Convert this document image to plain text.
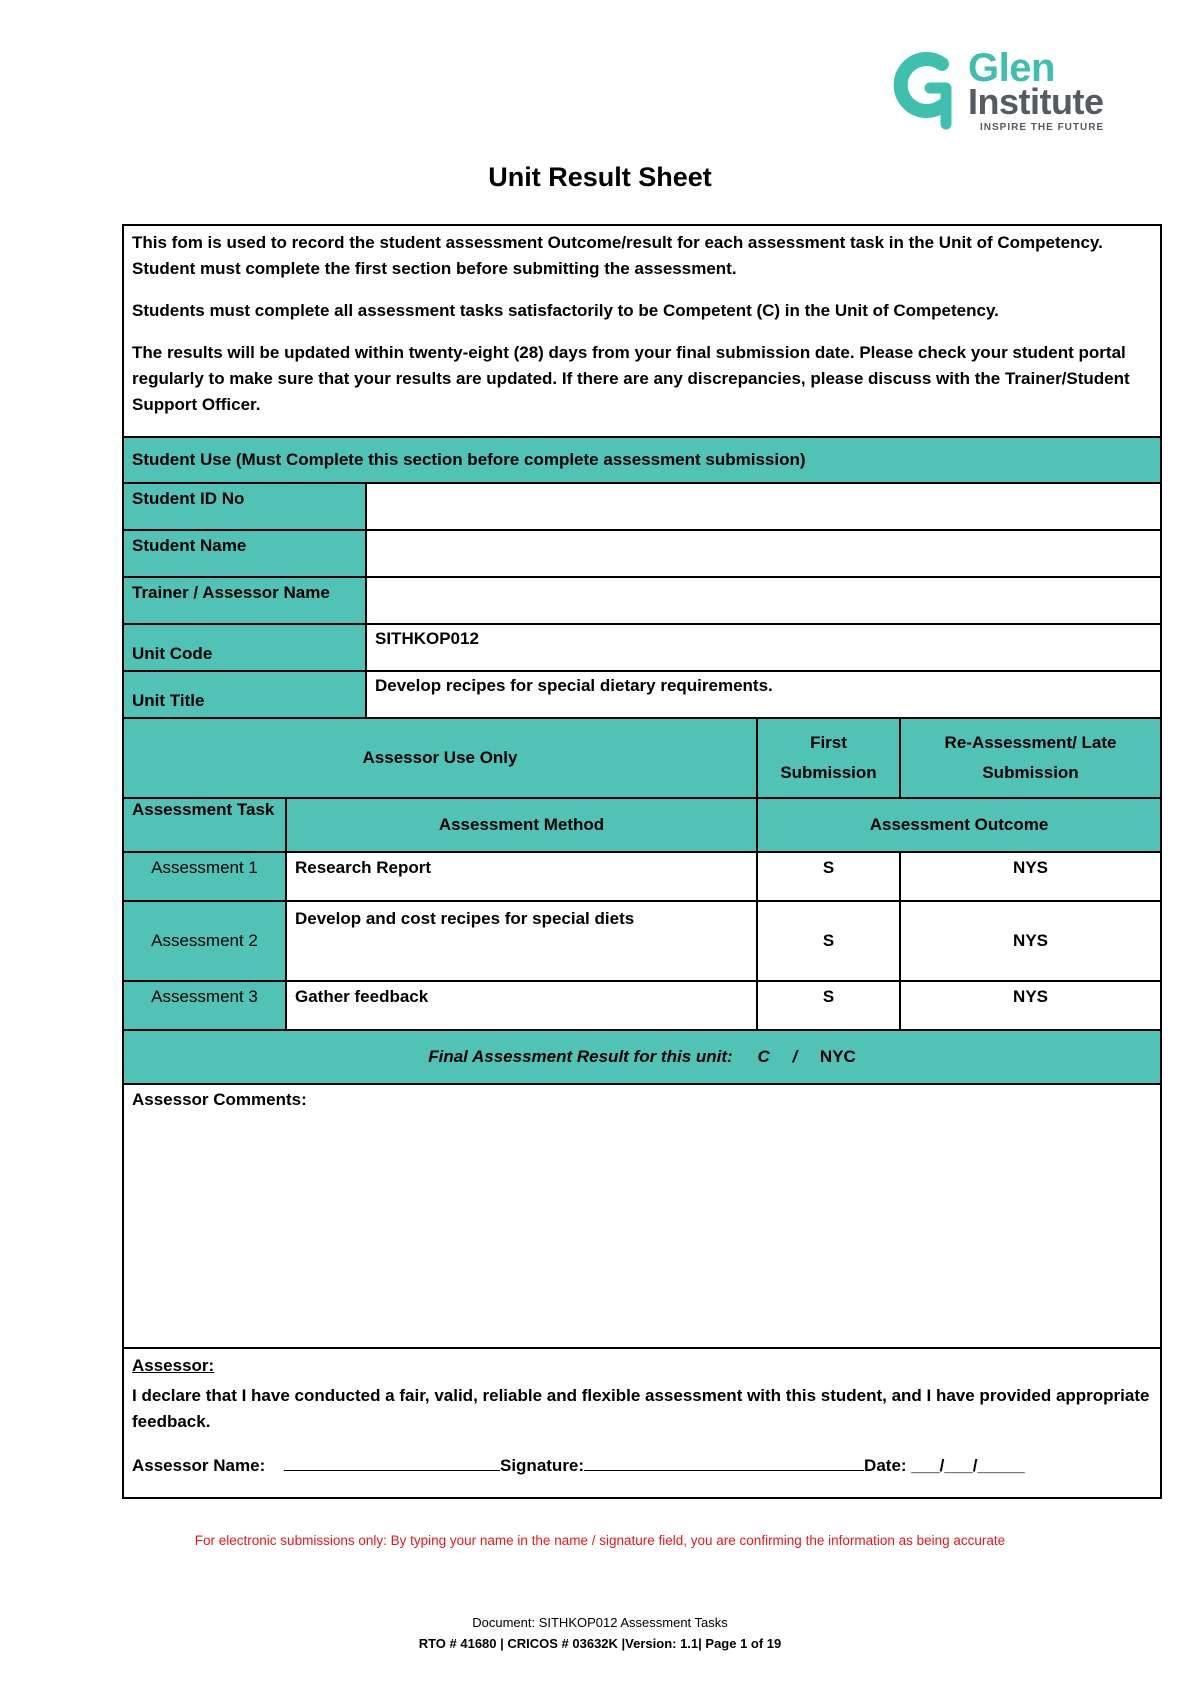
Glen
Institute
INSPIRE THE FUTURE
Unit Result Sheet

This fom is used to record the student assessment Outcome/result for each assessment task in the Unit of Competency. Student must complete the first section before submitting the assessment.

Students must complete all assessment tasks satisfactorily to be Competent (C) in the Unit of Competency.

The results will be updated within twenty-eight (28) days from your final submission date. Please check your student portal regularly to make sure that your results are updated. If there are any discrepancies, please discuss with the Trainer/Student Support Officer.				

Student Use (Must Complete this section before complete assessment submission)				
Student ID No				
Student Name				
Trainer / Assessor Name				
Unit Code		SITHKOP012		
Unit Title		Develop recipes for special dietary requirements.		
Assessor Use Only			First Submission	Re-Assessment/ Late Submission
Assessment Task	Assessment Method		Assessment Outcome	
Assessment 1	Research Report		S	NYS
Assessment 2	Develop and cost recipes for special diets		S	NYS
Assessment 3	Gather feedback		S	NYS
Final Assessment Result for this unit: C / NYC				
Assessor Comments:				

Assessor:

I declare that I have conducted a fair, valid, reliable and flexible assessment with this student, and I have provided appropriate feedback.

Assessor Name: Signature: Date: ___/___/_____				

For electronic submissions only: By typing your name in the name / signature field, you are confirming the information as being accurate
Document: SITHKOP012 Assessment Tasks
RTO # 41680 | CRICOS # 03632K |Version: 1.1| Page 1 of 19
